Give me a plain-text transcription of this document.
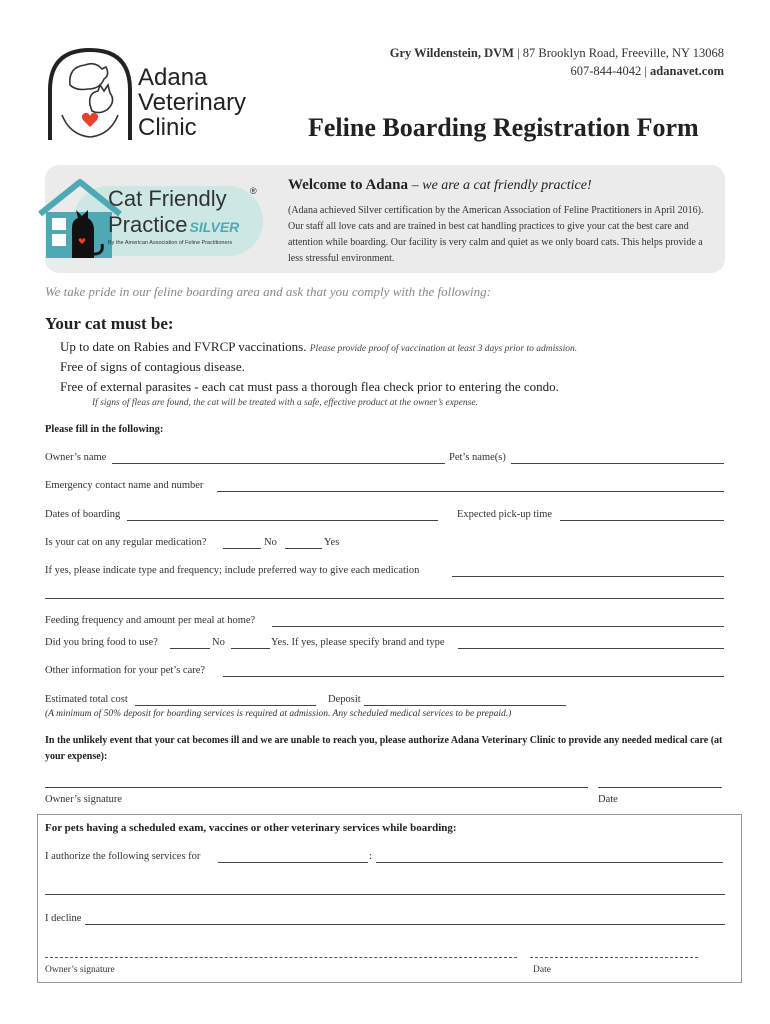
Adana
Veterinary
Clinic
Gry Wildenstein, DVM | 87 Brooklyn Road, Freeville, NY 13068
607-844-4042 | adanavet.com
Feline Boarding Registration Form
Cat Friendly
Practice SILVER
®
By the American Association of Feline Practitioners
Welcome to Adana – we are a cat friendly practice!
(Adana achieved Silver certification by the American Association of Feline Practitioners in April 2016). Our staff all love cats and are trained in best cat handling practices to give your cat the best care and attention while boarding. Our facility is very calm and quiet as we only board cats. This helps provide a less stressful environment.
We take pride in our feline boarding area and ask that you comply with the following:
Your cat must be:
Up to date on Rabies and FVRCP vaccinations. Please provide proof of vaccination at least 3 days prior to admission.
Free of signs of contagious disease.
Free of external parasites - each cat must pass a thorough flea check prior to entering the condo.
If signs of fleas are found, the cat will be treated with a safe, effective product at the owner’s expense.
Please fill in the following:
Owner’s name	Pet’s name(s)
Emergency contact name and number
Dates of boarding	Expected pick-up time
Is your cat on any regular medication?	No	Yes
If yes, please indicate type and frequency; include preferred way to give each medication
Feeding frequency and amount per meal at home?
Did you bring food to use?	No	Yes. If yes, please specify brand and type
Other information for your pet’s care?
Estimated total cost	Deposit
(A minimum of 50% deposit for boarding services is required at admission. Any scheduled medical services to be prepaid.)
In the unlikely event that your cat becomes ill and we are unable to reach you, please authorize Adana Veterinary Clinic to provide any needed medical care (at your expense):
Owner’s signature	Date
For pets having a scheduled exam, vaccines or other veterinary services while boarding:
I authorize the following services for	:
I decline
Owner’s signature	Date
